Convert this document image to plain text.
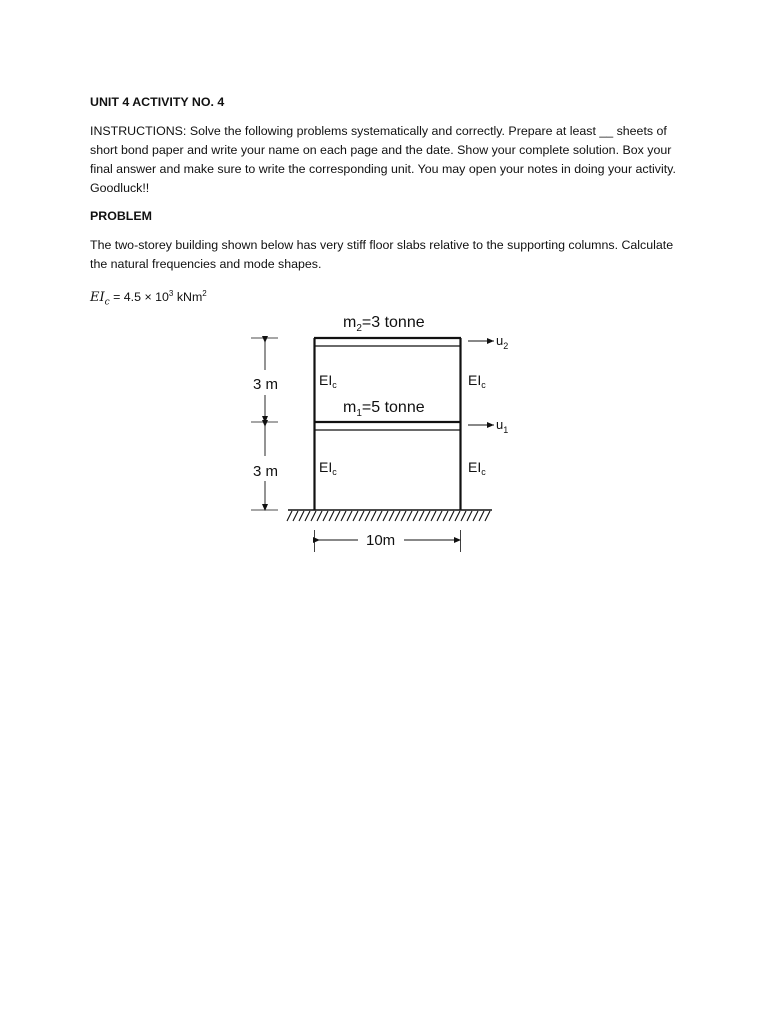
UNIT 4 ACTIVITY NO. 4
INSTRUCTIONS: Solve the following problems systematically and correctly. Prepare at least __ sheets of short bond paper and write your name on each page and the date. Show your complete solution. Box your final answer and make sure to write the corresponding unit. You may open your notes in doing your activity. Goodluck!!
PROBLEM
The two-storey building shown below has very stiff floor slabs relative to the supporting columns. Calculate the natural frequencies and mode shapes.
$EI_c = 4.5 \times 10^3$ kNm$^2$
$m_2=3$ tonne
$m_1=5$ tonne
$EI_c$	$EI_c$
$EI_c$	$EI_c$
$u_2$
$u_1$
3 m
3 m
10m
